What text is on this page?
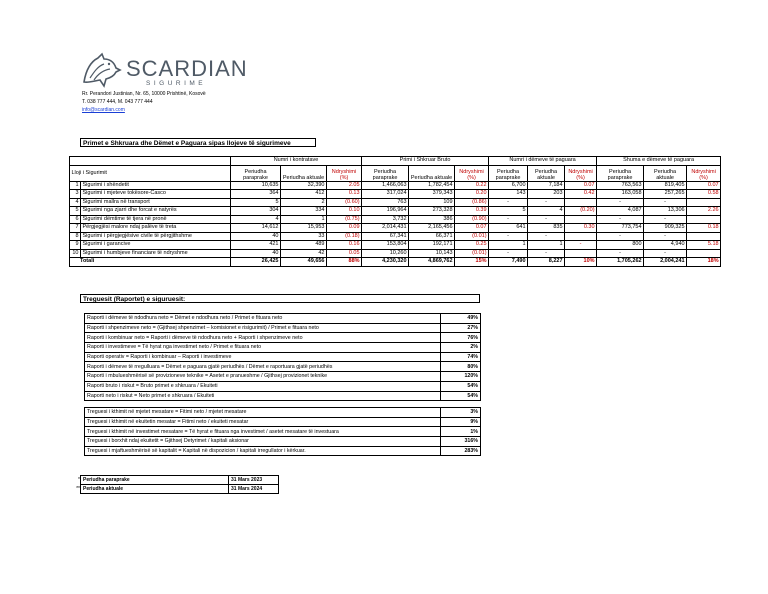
SCARDIAN
SIGURIME
Rr. Perandori Justinian, Nr. 65, 10000 Prishtinë, Kosovë
T. 038 777 444, M. 043 777 444
info@scardian.com
Primet e Shkruara dhe Dëmet e Paguara sipas llojeve të sigurimeve
		Numri i kontratave			Primi i Shkruar Bruto			Numri i dëmeve të paguara			Shuma e dëmeve të paguara		
Lloji i Sigurimit		Periudha paraprake	Periudha aktuale	Ndryshimi (%)	Periudha paraprake	Periudha aktuale	Ndryshimi (%)	Periudha paraprake	Periudha aktuale	Ndryshimi (%)	Periudha paraprake	Periudha aktuale	Ndryshimi (%)
1	Sigurimi i shëndetit	10,635	32,390	2.05	1,466,063	1,782,454	0.22	6,700	7,184	0.07	763,563	819,405	0.07
3	Sigurimi i mjeteve tokësore-Casco	364	412	0.13	317,024	379,343	0.20	143	203	0.42	163,058	257,265	0.58
4	Sigurimi mallra në transport	5	2	(0.60)	763	109	(0.86)	-	-		-	-	
5	Sigurimi nga zjarri dhe forcat e natyrës	304	334	0.10	196,964	273,328	0.39	5	4	(0.20)	4,087	13,306	2.26
6	Sigurimi dëmtime të tjera në pronë	4	1	(0.75)	3,732	386	(0.90)	-	-		-	-	
7	Përgjegjësi malore ndaj palëve të treta	14,612	15,953	0.09	2,014,431	2,165,456	0.07	641	835	0.30	773,754	909,325	0.18
8	Sigurimi i përgjegjësive civile të përgjithshme	40	33	(0.18)	67,341	66,371	(0.01)	-	-		-	-	
9	Sigurimi i garancive	421	489	0.16	153,804	192,171	0.25	1	1	-	800	4,940	5.18
10	Sigurimi i humbjeve financiare të ndryshme	40	42	0.05	10,260	10,143	(0.01)	-	-		-	-	
Totali		26,425	49,656	88%	4,230,320	4,869,762	15%	7,490	8,227	10%	1,705,262	2,004,241	18%
Treguesit (Raportet) e siguruesit:
Raporti i dëmeve të ndodhura neto = Dëmet e ndodhura neto / Primet e fituara neto	49%
Raporti i shpenzimeve neto = (Gjithsej shpenzimet – komisionet e risigurimit) / Primet e fituara neto	27%
Raporti i kombinuar neto = Raporti i dëmeve të ndodhura neto + Raporti i shpenzimeve neto	76%
Raporti i investimeve = Të hyrat nga investimet neto / Primet e fituara neto	2%
Raporti operativ = Raporti i kombinuar – Raporti i investimeve	74%
Raporti i dëmeve të rregulluara = Dëmet e paguara gjatë periudhës / Dëmet e raportuara gjatë periudhës	80%
Raporti i mbulueshmërisë së provizioneve teknike = Asetet e pranueshme / Gjithsej provizionet teknike	120%
Raporti bruto i riskut = Bruto primet e shkruara / Ekuiteti	54%
Raporti neto i riskut = Neto primet e shkruara / Ekuiteti	54%
Treguesi i kthimit në mjetet mesatare = Fitimi neto / mjetet mesatare	3%
Treguesi i kthimit në ekuitetin mesatar = Fitimi neto / ekuiteti mesatar	9%
Treguesi i kthimit në investimet mesatare = Të hyrat e fituara nga investimet / asetet mesatare të investuara	1%
Treguesi i borxhit ndaj ekuitetit = Gjithsej Detyrimet / kapitali aksionar	316%
Treguesi i mjaftueshmërisë së kapitalit = Kapitali në dispozicion / kapitali irregullator i kërkuar.	283%
*
**
Periudha paraprake	31 Mars 2023
Periudha aktuale	31 Mars 2024
